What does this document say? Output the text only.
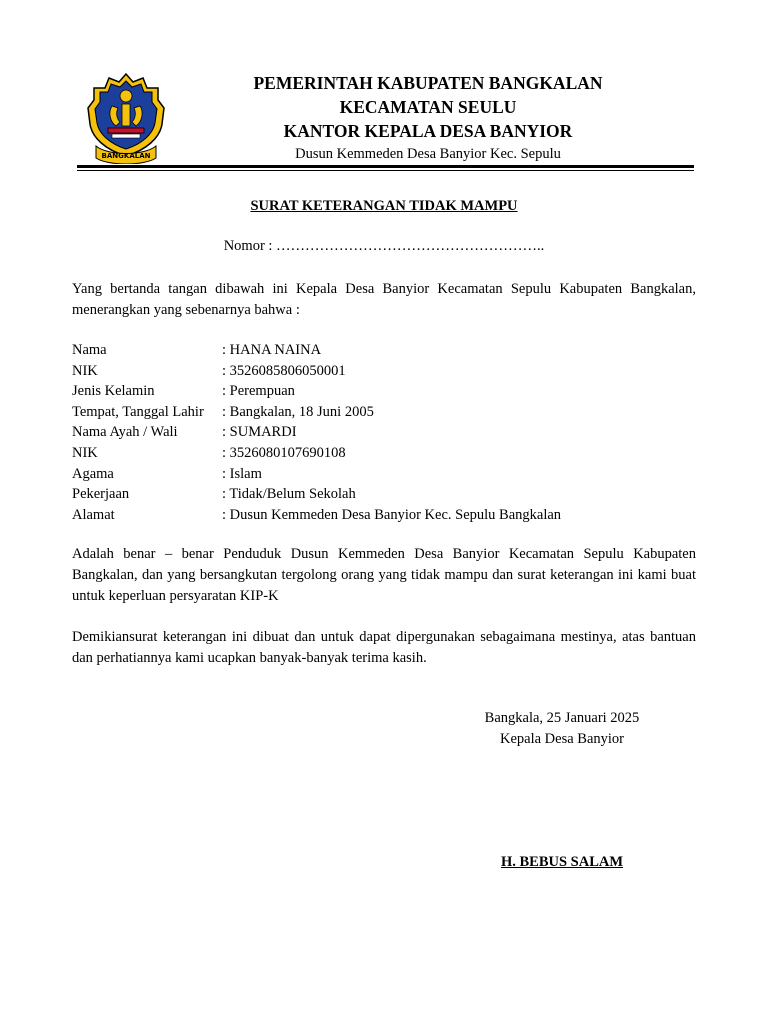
BANGKALAN
PEMERINTAH KABUPATEN BANGKALAN
KECAMATAN SEULU
KANTOR KEPALA DESA BANYIOR
Dusun Kemmeden Desa Banyior Kec. Sepulu
SURAT KETERANGAN TIDAK MAMPU
Nomor : ………………………………………………..
Yang bertanda tangan dibawah ini Kepala Desa Banyior Kecamatan Sepulu Kabupaten Bangkalan, menerangkan yang sebenarnya bahwa :
Nama	: HANA NAINA
NIK	: 3526085806050001
Jenis Kelamin	: Perempuan
Tempat, Tanggal Lahir : Bangkalan, 18 Juni 2005
Nama Ayah / Wali	: SUMARDI
NIK	: 3526080107690108
Agama	: Islam
Pekerjaan	: Tidak/Belum Sekolah
Alamat	: Dusun Kemmeden Desa Banyior Kec. Sepulu Bangkalan
Adalah benar – benar Penduduk Dusun Kemmeden Desa Banyior Kecamatan Sepulu Kabupaten Bangkalan, dan yang bersangkutan tergolong orang yang tidak mampu dan surat keterangan ini kami buat untuk keperluan persyaratan KIP-K
Demikiansurat keterangan ini dibuat dan untuk dapat dipergunakan sebagaimana mestinya, atas bantuan dan perhatiannya kami ucapkan banyak-banyak terima kasih.
Bangkala, 25 Januari 2025
Kepala Desa Banyior
H. BEBUS SALAM
